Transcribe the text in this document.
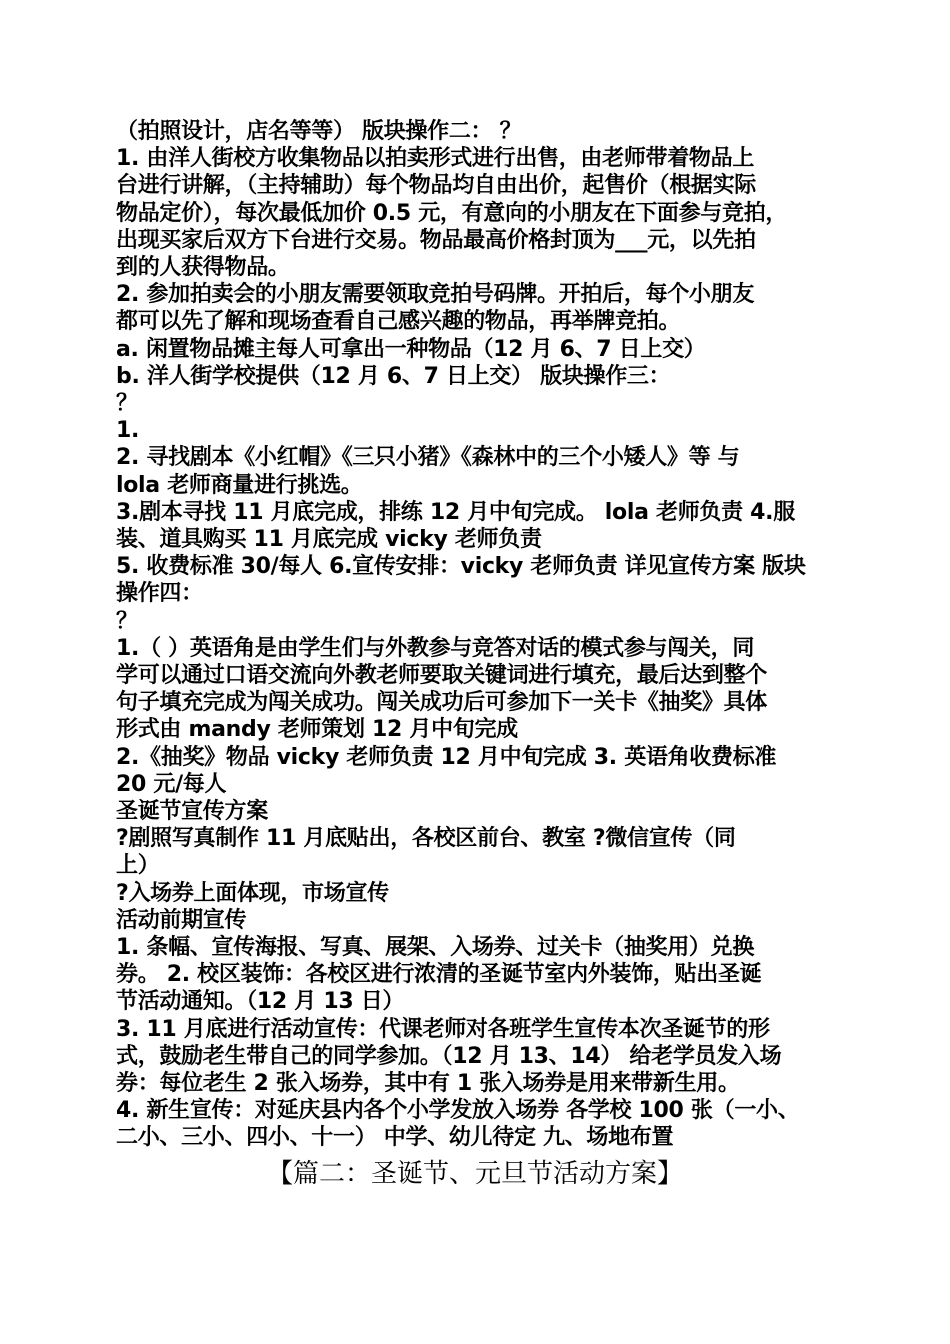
（拍照设计，店名等等） 版块操作二： ？
1. 由洋人街校方收集物品以拍卖形式进行出售，由老师带着物品上
台进行讲解，（主持辅助）每个物品均自由出价，起售价（根据实际
物品定价），每次最低加价 0.5 元，有意向的小朋友在下面参与竞拍，
出现买家后双方下台进行交易。物品最高价格封顶为___元，以先拍
到的人获得物品。
2. 参加拍卖会的小朋友需要领取竞拍号码牌。开拍后，每个小朋友
都可以先了解和现场查看自己感兴趣的物品，再举牌竞拍。
a. 闲置物品摊主每人可拿出一种物品（12 月 6、7 日上交）
b. 洋人街学校提供（12 月 6、7 日上交） 版块操作三：
？
1.
2. 寻找剧本《小红帽》《三只小猪》《森林中的三个小矮人》等 与
lola 老师商量进行挑选。
3.剧本寻找 11 月底完成，排练 12 月中旬完成。 lola 老师负责 4.服
装、道具购买 11 月底完成 vicky 老师负责
5. 收费标准 30/每人 6.宣传安排：vicky 老师负责 详见宣传方案 版块
操作四：
？
1.（ ）英语角是由学生们与外教参与竞答对话的模式参与闯关，同
学可以通过口语交流向外教老师要取关键词进行填充，最后达到整个
句子填充完成为闯关成功。闯关成功后可参加下一关卡《抽奖》具体
形式由 mandy 老师策划 12 月中旬完成
2.《抽奖》物品 vicky 老师负责 12 月中旬完成 3. 英语角收费标准
20 元/每人
圣诞节宣传方案
?剧照写真制作 11 月底贴出，各校区前台、教室 ?微信宣传（同
上）
?入场券上面体现，市场宣传
活动前期宣传
1. 条幅、宣传海报、写真、展架、入场券、过关卡（抽奖用）兑换
券。 2. 校区装饰：各校区进行浓清的圣诞节室内外装饰，贴出圣诞
节活动通知。（12 月 13 日）
3. 11 月底进行活动宣传：代课老师对各班学生宣传本次圣诞节的形
式，鼓励老生带自己的同学参加。（12 月 13、14） 给老学员发入场
券：每位老生 2 张入场券，其中有 1 张入场券是用来带新生用。
4. 新生宣传：对延庆县内各个小学发放入场券 各学校 100 张（一小、
二小、三小、四小、十一） 中学、幼儿待定 九、场地布置
【篇二：圣诞节、元旦节活动方案】
